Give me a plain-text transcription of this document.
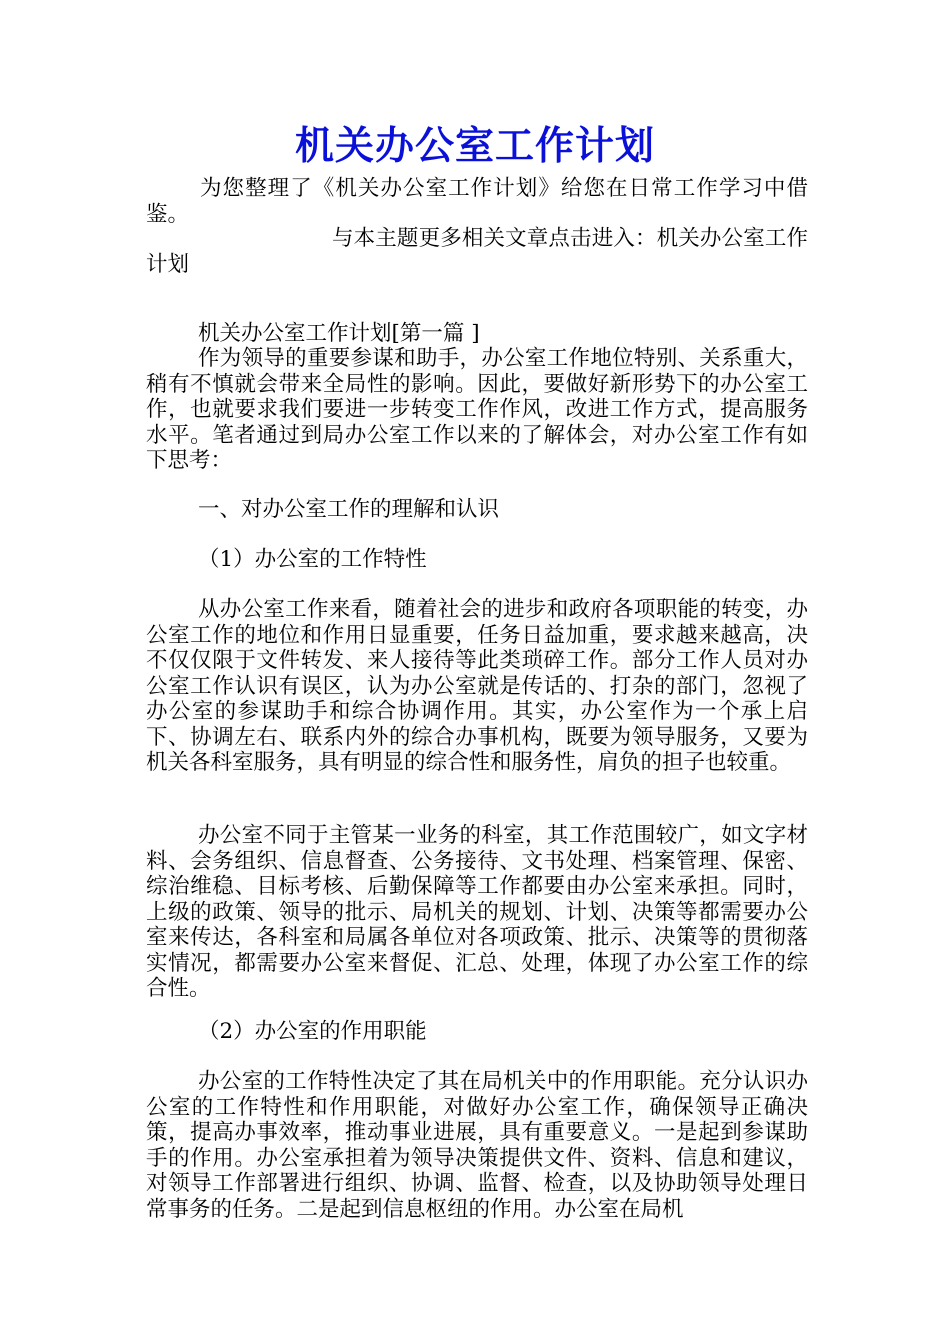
机关办公室工作计划

为您整理了《机关办公室工作计划》给您在日常工作学习中借鉴。

与本主题更多相关文章点击进入：机关办公室工作计划

机关办公室工作计划[第一篇 ]

作为领导的重要参谋和助手，办公室工作地位特别、关系重大，稍有不慎就会带来全局性的影响。因此，要做好新形势下的办公室工作，也就要求我们要进一步转变工作作风，改进工作方式，提高服务水平。笔者通过到局办公室工作以来的了解体会，对办公室工作有如下思考：

一、对办公室工作的理解和认识
（1）办公室的工作特性

从办公室工作来看，随着社会的进步和政府各项职能的转变，办公室工作的地位和作用日显重要，任务日益加重，要求越来越高，决不仅仅限于文件转发、来人接待等此类琐碎工作。部分工作人员对办公室工作认识有误区，认为办公室就是传话的、打杂的部门，忽视了办公室的参谋助手和综合协调作用。其实，办公室作为一个承上启下、协调左右、联系内外的综合办事机构，既要为领导服务，又要为机关各科室服务，具有明显的综合性和服务性，肩负的担子也较重。

办公室不同于主管某一业务的科室，其工作范围较广，如文字材料、会务组织、信息督查、公务接待、文书处理、档案管理、保密、综治维稳、目标考核、后勤保障等工作都要由办公室来承担。同时，上级的政策、领导的批示、局机关的规划、计划、决策等都需要办公室来传达，各科室和局属各单位对各项政策、批示、决策等的贯彻落实情况，都需要办公室来督促、汇总、处理，体现了办公室工作的综合性。

（2）办公室的作用职能

办公室的工作特性决定了其在局机关中的作用职能。充分认识办公室的工作特性和作用职能，对做好办公室工作，确保领导正确决策，提高办事效率，推动事业进展，具有重要意义。一是起到参谋助手的作用。办公室承担着为领导决策提供文件、资料、信息和建议，对领导工作部署进行组织、协调、监督、检查，以及协助领导处理日常事务的任务。二是起到信息枢纽的作用。办公室在局机
